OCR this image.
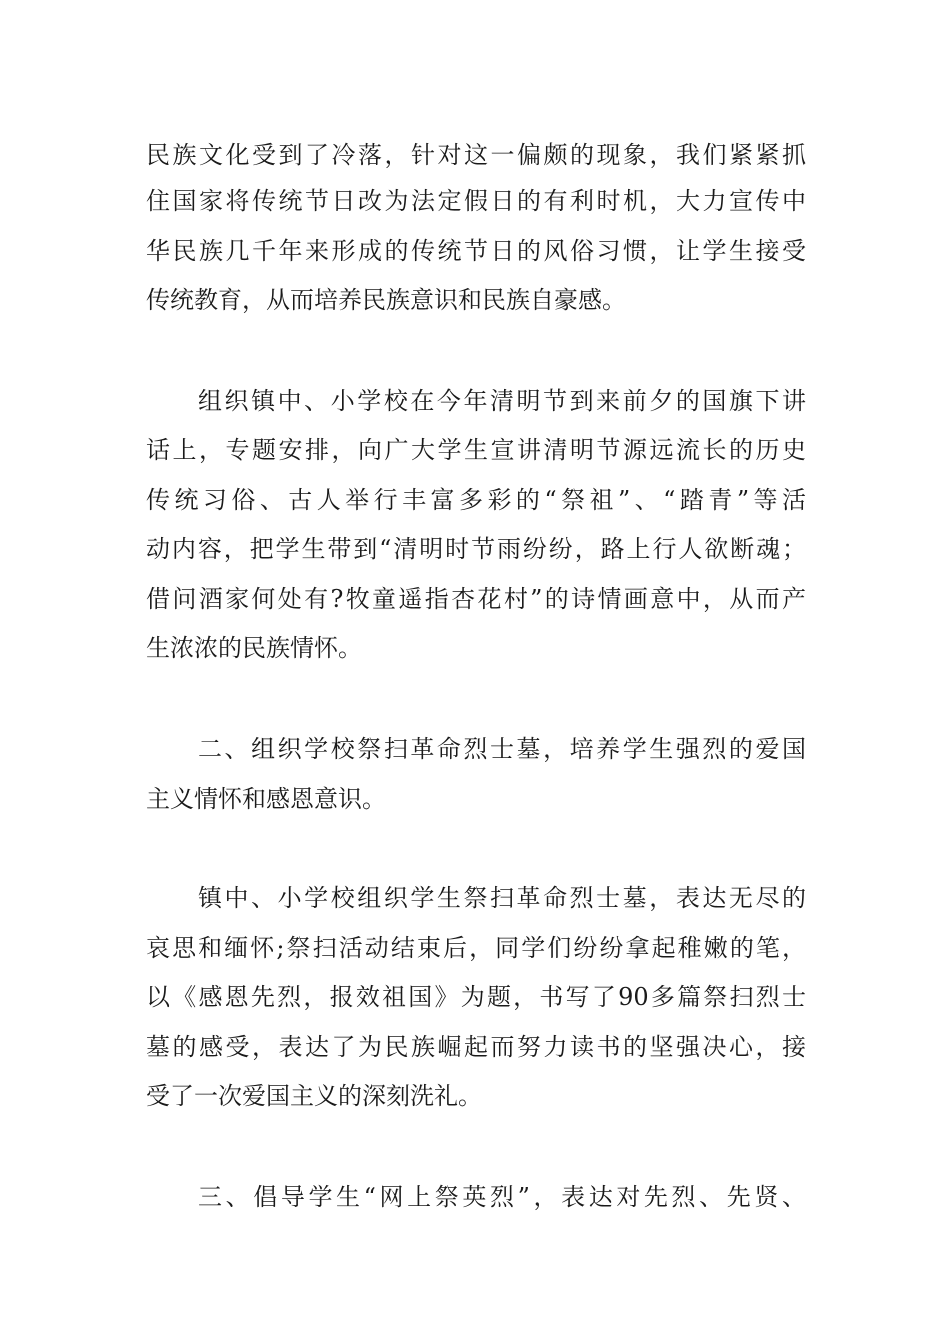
民族文化受到了冷落，针对这一偏颇的现象，我们紧紧抓
住国家将传统节日改为法定假日的有利时机，大力宣传中
华民族几千年来形成的传统节日的风俗习惯，让学生接受
传统教育，从而培养民族意识和民族自豪感。
组织镇中、小学校在今年清明节到来前夕的国旗下讲
话上，专题安排，向广大学生宣讲清明节源远流长的历史
传统习俗、古人举行丰富多彩的“祭祖”、“踏青”等活
动内容，把学生带到“清明时节雨纷纷，路上行人欲断魂；
借问酒家何处有?牧童遥指杏花村”的诗情画意中，从而产
生浓浓的民族情怀。
二、组织学校祭扫革命烈士墓，培养学生强烈的爱国
主义情怀和感恩意识。
镇中、小学校组织学生祭扫革命烈士墓，表达无尽的
哀思和缅怀;祭扫活动结束后，同学们纷纷拿起稚嫩的笔，
以《感恩先烈，报效祖国》为题，书写了90多篇祭扫烈士
墓的感受，表达了为民族崛起而努力读书的坚强决心，接
受了一次爱国主义的深刻洗礼。
三、倡导学生“网上祭英烈”，表达对先烈、先贤、
